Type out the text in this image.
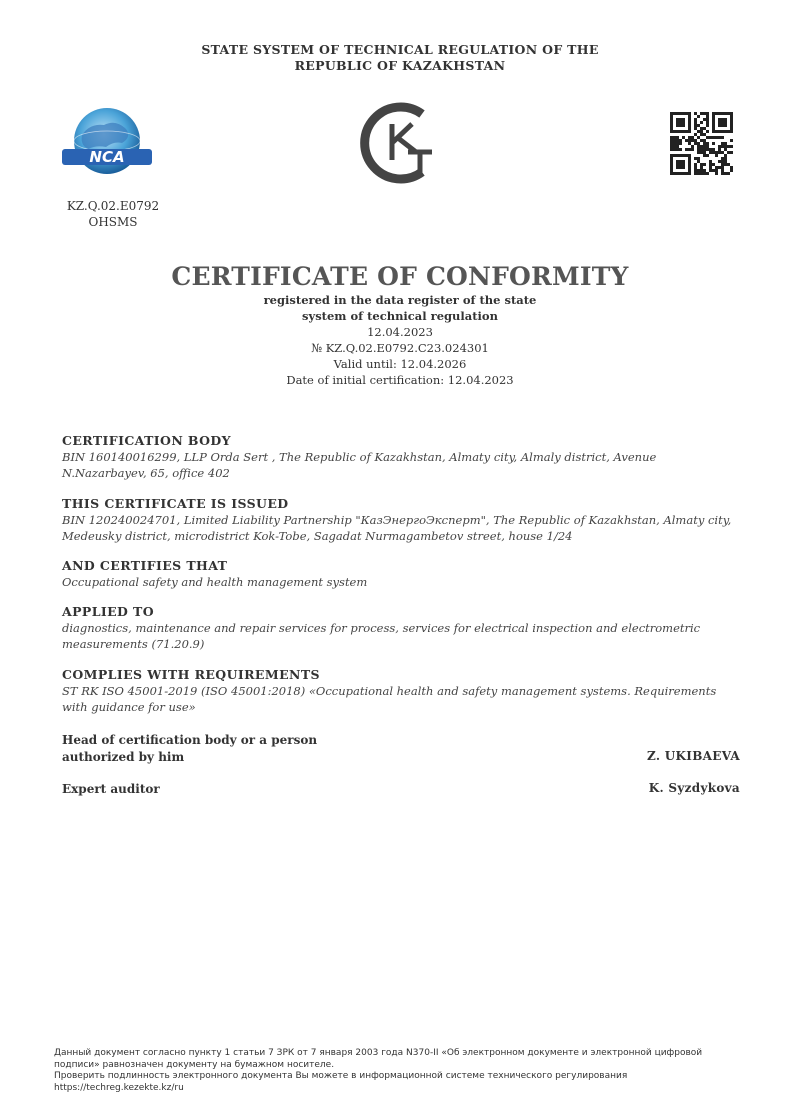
STATE SYSTEM OF TECHNICAL REGULATION OF THE
REPUBLIC OF KAZAKHSTAN
NCA
KZ.Q.02.E0792
OHSMS
CERTIFICATE OF CONFORMITY
registered in the data register of the state
system of technical regulation
12.04.2023
№ KZ.Q.02.E0792.C23.024301
Valid until: 12.04.2026
Date of initial certification: 12.04.2023
CERTIFICATION BODY
BIN 160140016299, LLP Orda Sert , The Republic of Kazakhstan, Almaty city, Almaly district, Avenue N.Nazarbayev, 65, office 402
THIS CERTIFICATE IS ISSUED
BIN 120240024701, Limited Liability Partnership "КазЭнергоЭксперт", The Republic of Kazakhstan, Almaty city, Medeusky district, microdistrict Kok-Tobe, Sagadat Nurmagambetov street, house 1/24
AND CERTIFIES THAT
Occupational safety and health management system
APPLIED TO
diagnostics, maintenance and repair services for process, services for electrical inspection and electrometric measurements (71.20.9)
COMPLIES WITH REQUIREMENTS
ST RK ISO 45001-2019 (ISO 45001:2018) «Occupational health and safety management systems. Requirements with guidance for use»
Head of certification body or a person
authorized by him	Z. UKIBAEVA
Expert auditor	K. Syzdykova
Данный документ согласно пункту 1 статьи 7 ЗРК от 7 января 2003 года N370-II «Об электронном документе и электронной цифровой
подписи» равнозначен документу на бумажном носителе.
Проверить подлинность электронного документа Вы можете в информационной системе технического регулирования
https://techreg.kezekte.kz/ru
